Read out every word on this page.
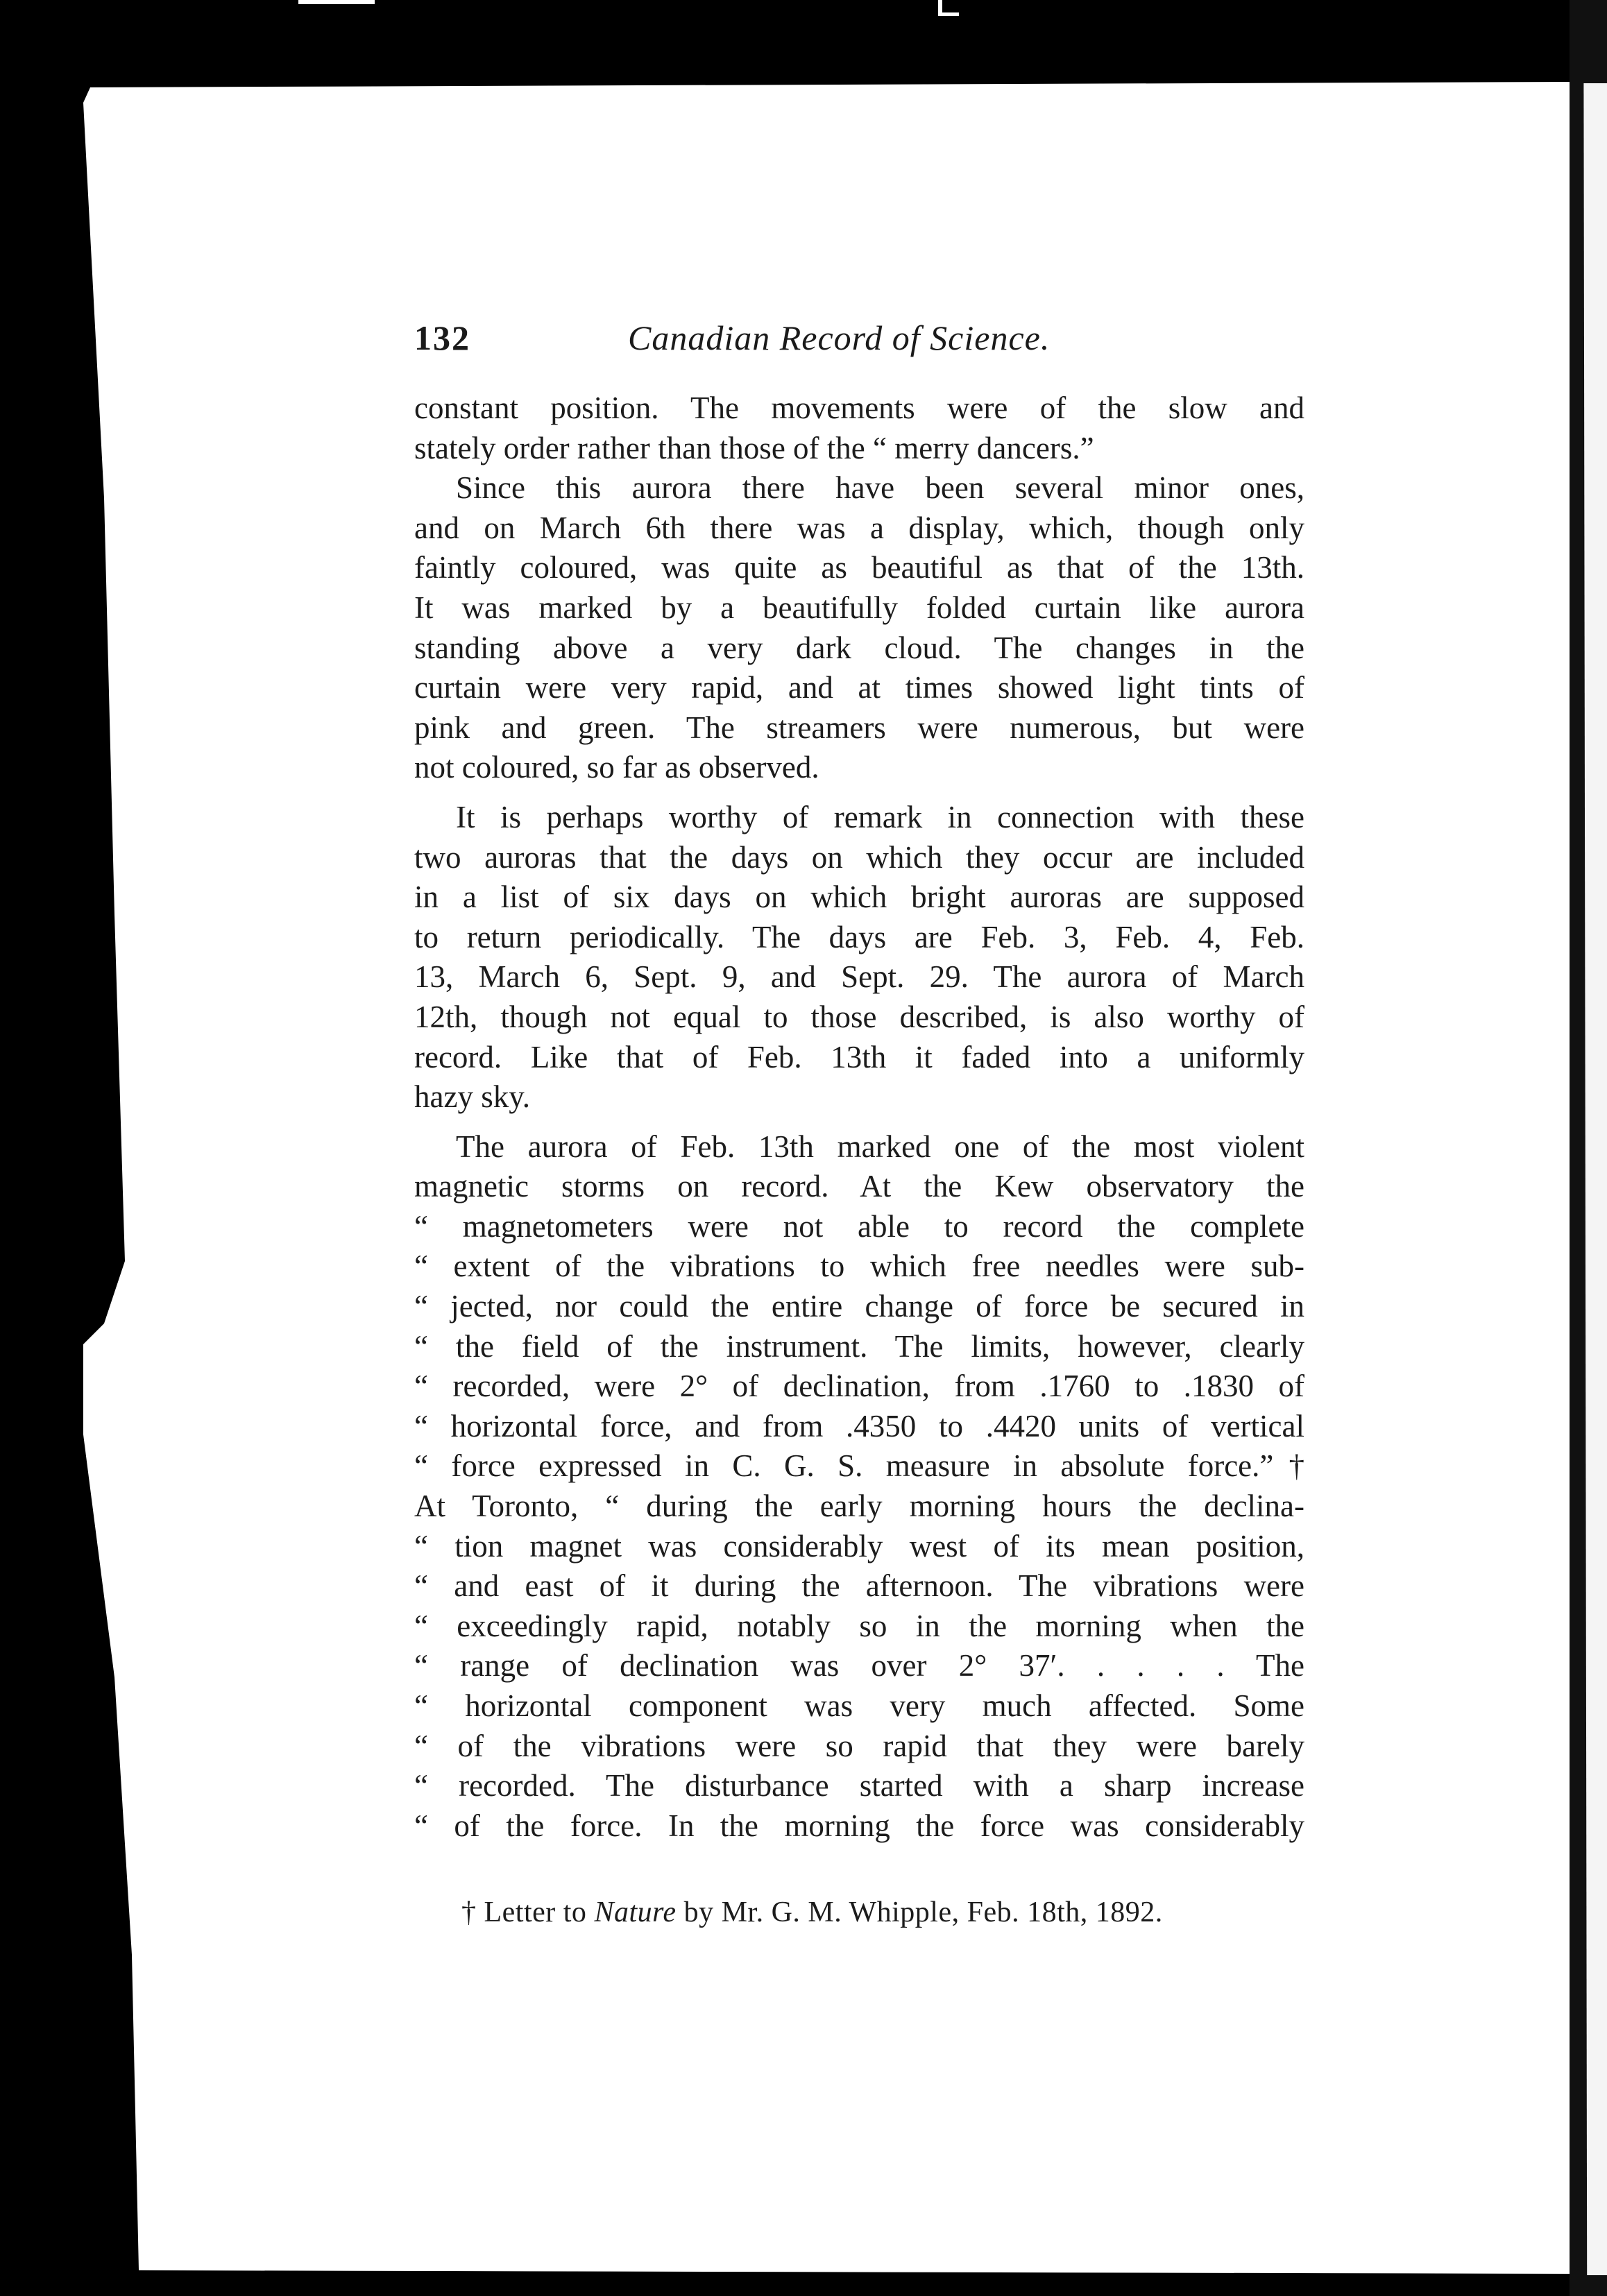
132	Canadian Record of Science.
constant position. The movements were of the slow and
stately order rather than those of the “ merry dancers.”
Since this aurora there have been several minor ones,
and on March 6th there was a display, which, though only
faintly coloured, was quite as beautiful as that of the 13th.
It was marked by a beautifully folded curtain like aurora
standing above a very dark cloud. The changes in the
curtain were very rapid, and at times showed light tints of
pink and green. The streamers were numerous, but were
not coloured, so far as observed.
It is perhaps worthy of remark in connection with these
two auroras that the days on which they occur are included
in a list of six days on which bright auroras are supposed
to return periodically. The days are Feb. 3, Feb. 4, Feb.
13, March 6, Sept. 9, and Sept. 29. The aurora of March
12th, though not equal to those described, is also worthy of
record. Like that of Feb. 13th it faded into a uniformly
hazy sky.
The aurora of Feb. 13th marked one of the most violent
magnetic storms on record. At the Kew observatory the
“ magnetometers were not able to record the complete
“ extent of the vibrations to which free needles were sub-
“ jected, nor could the entire change of force be secured in
“ the field of the instrument. The limits, however, clearly
“ recorded, were 2° of declination, from .1760 to .1830 of
“ horizontal force, and from .4350 to .4420 units of vertical
“ force expressed in C. G. S. measure in absolute force.”†
At Toronto, “ during the early morning hours the declina-
“ tion magnet was considerably west of its mean position,
“ and east of it during the afternoon. The vibrations were
“ exceedingly rapid, notably so in the morning when the
“ range of declination was over 2° 37′. . . . . The
“ horizontal component was very much affected. Some
“ of the vibrations were so rapid that they were barely
“ recorded. The disturbance started with a sharp increase
“ of the force. In the morning the force was considerably
† Letter to Nature by Mr. G. M. Whipple, Feb. 18th, 1892.
